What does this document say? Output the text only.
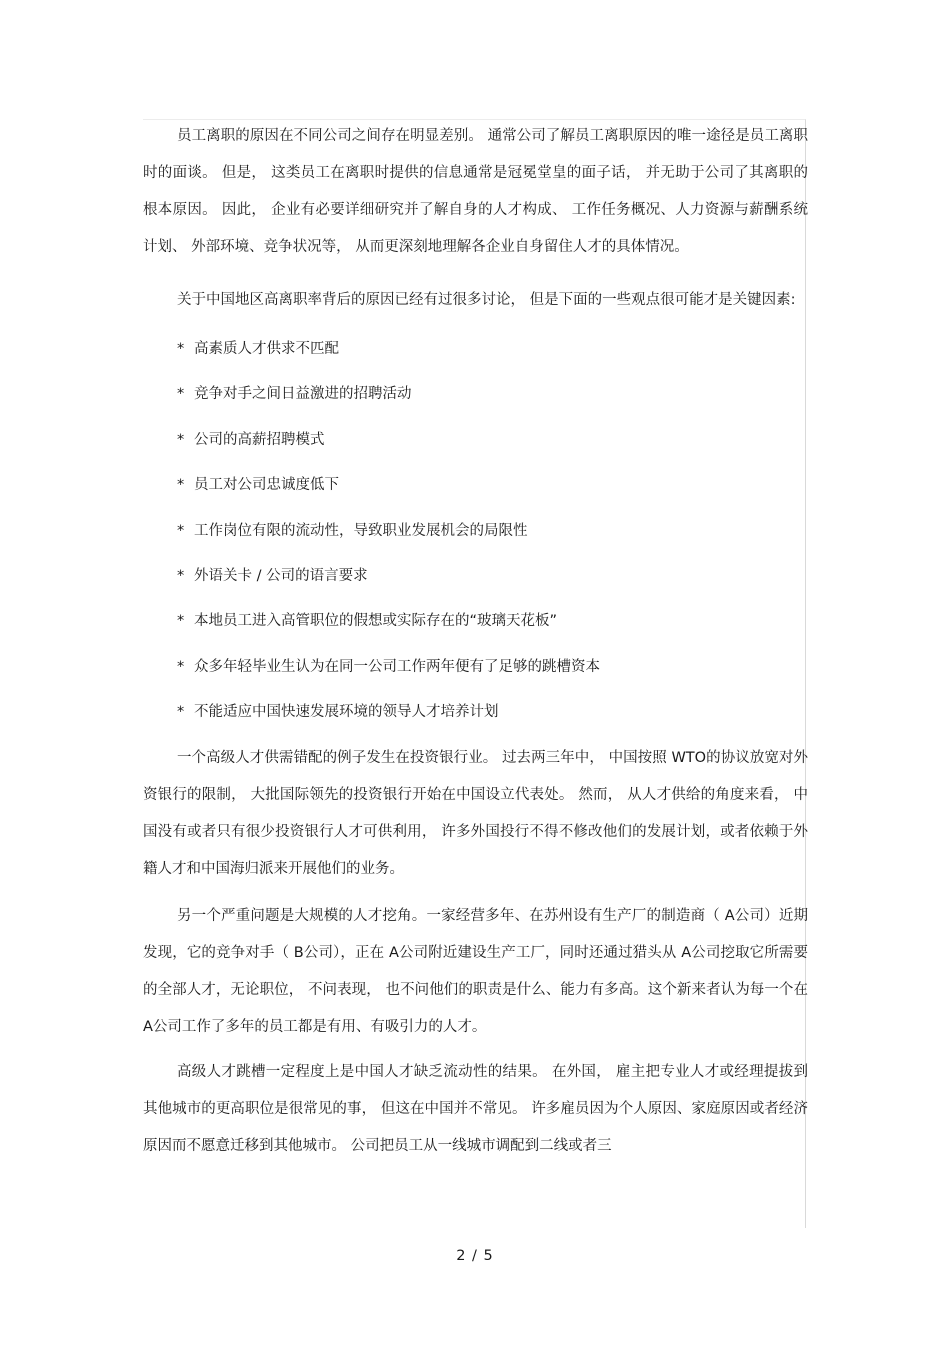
员工离职的原因在不同公司之间存在明显差别。 通常公司了解员工离职原因的唯一途径是员工离职时的面谈。 但是， 这类员工在离职时提供的信息通常是冠冕堂皇的面子话， 并无助于公司了其离职的根本原因。 因此， 企业有必要详细研究并了解自身的人才构成、 工作任务概况、人力资源与薪酬系统计划、 外部环境、竞争状况等， 从而更深刻地理解各企业自身留住人才的具体情况。

关于中国地区高离职率背后的原因已经有过很多讨论， 但是下面的一些观点很可能才是关键因素:

* 高素质人才供求不匹配
* 竞争对手之间日益激进的招聘活动
* 公司的高薪招聘模式
* 员工对公司忠诚度低下
* 工作岗位有限的流动性，导致职业发展机会的局限性
* 外语关卡 / 公司的语言要求
* 本地员工进入高管职位的假想或实际存在的“玻璃天花板”
* 众多年轻毕业生认为在同一公司工作两年便有了足够的跳槽资本
* 不能适应中国快速发展环境的领导人才培养计划

一个高级人才供需错配的例子发生在投资银行业。 过去两三年中， 中国按照 WTO的协议放宽对外资银行的限制， 大批国际领先的投资银行开始在中国设立代表处。 然而， 从人才供给的角度来看， 中国没有或者只有很少投资银行人才可供利用， 许多外国投行不得不修改他们的发展计划，或者依赖于外籍人才和中国海归派来开展他们的业务。

另一个严重问题是大规模的人才挖角。一家经营多年、在苏州设有生产厂的制造商（ A公司）近期发现，它的竞争对手（ B公司），正在 A公司附近建设生产工厂，同时还通过猎头从 A公司挖取它所需要的全部人才，无论职位， 不问表现， 也不问他们的职责是什么、能力有多高。这个新来者认为每一个在 A公司工作了多年的员工都是有用、有吸引力的人才。

高级人才跳槽一定程度上是中国人才缺乏流动性的结果。 在外国， 雇主把专业人才或经理提拔到其他城市的更高职位是很常见的事， 但这在中国并不常见。 许多雇员因为个人原因、家庭原因或者经济原因而不愿意迁移到其他城市。 公司把员工从一线城市调配到二线或者三

2 / 5
